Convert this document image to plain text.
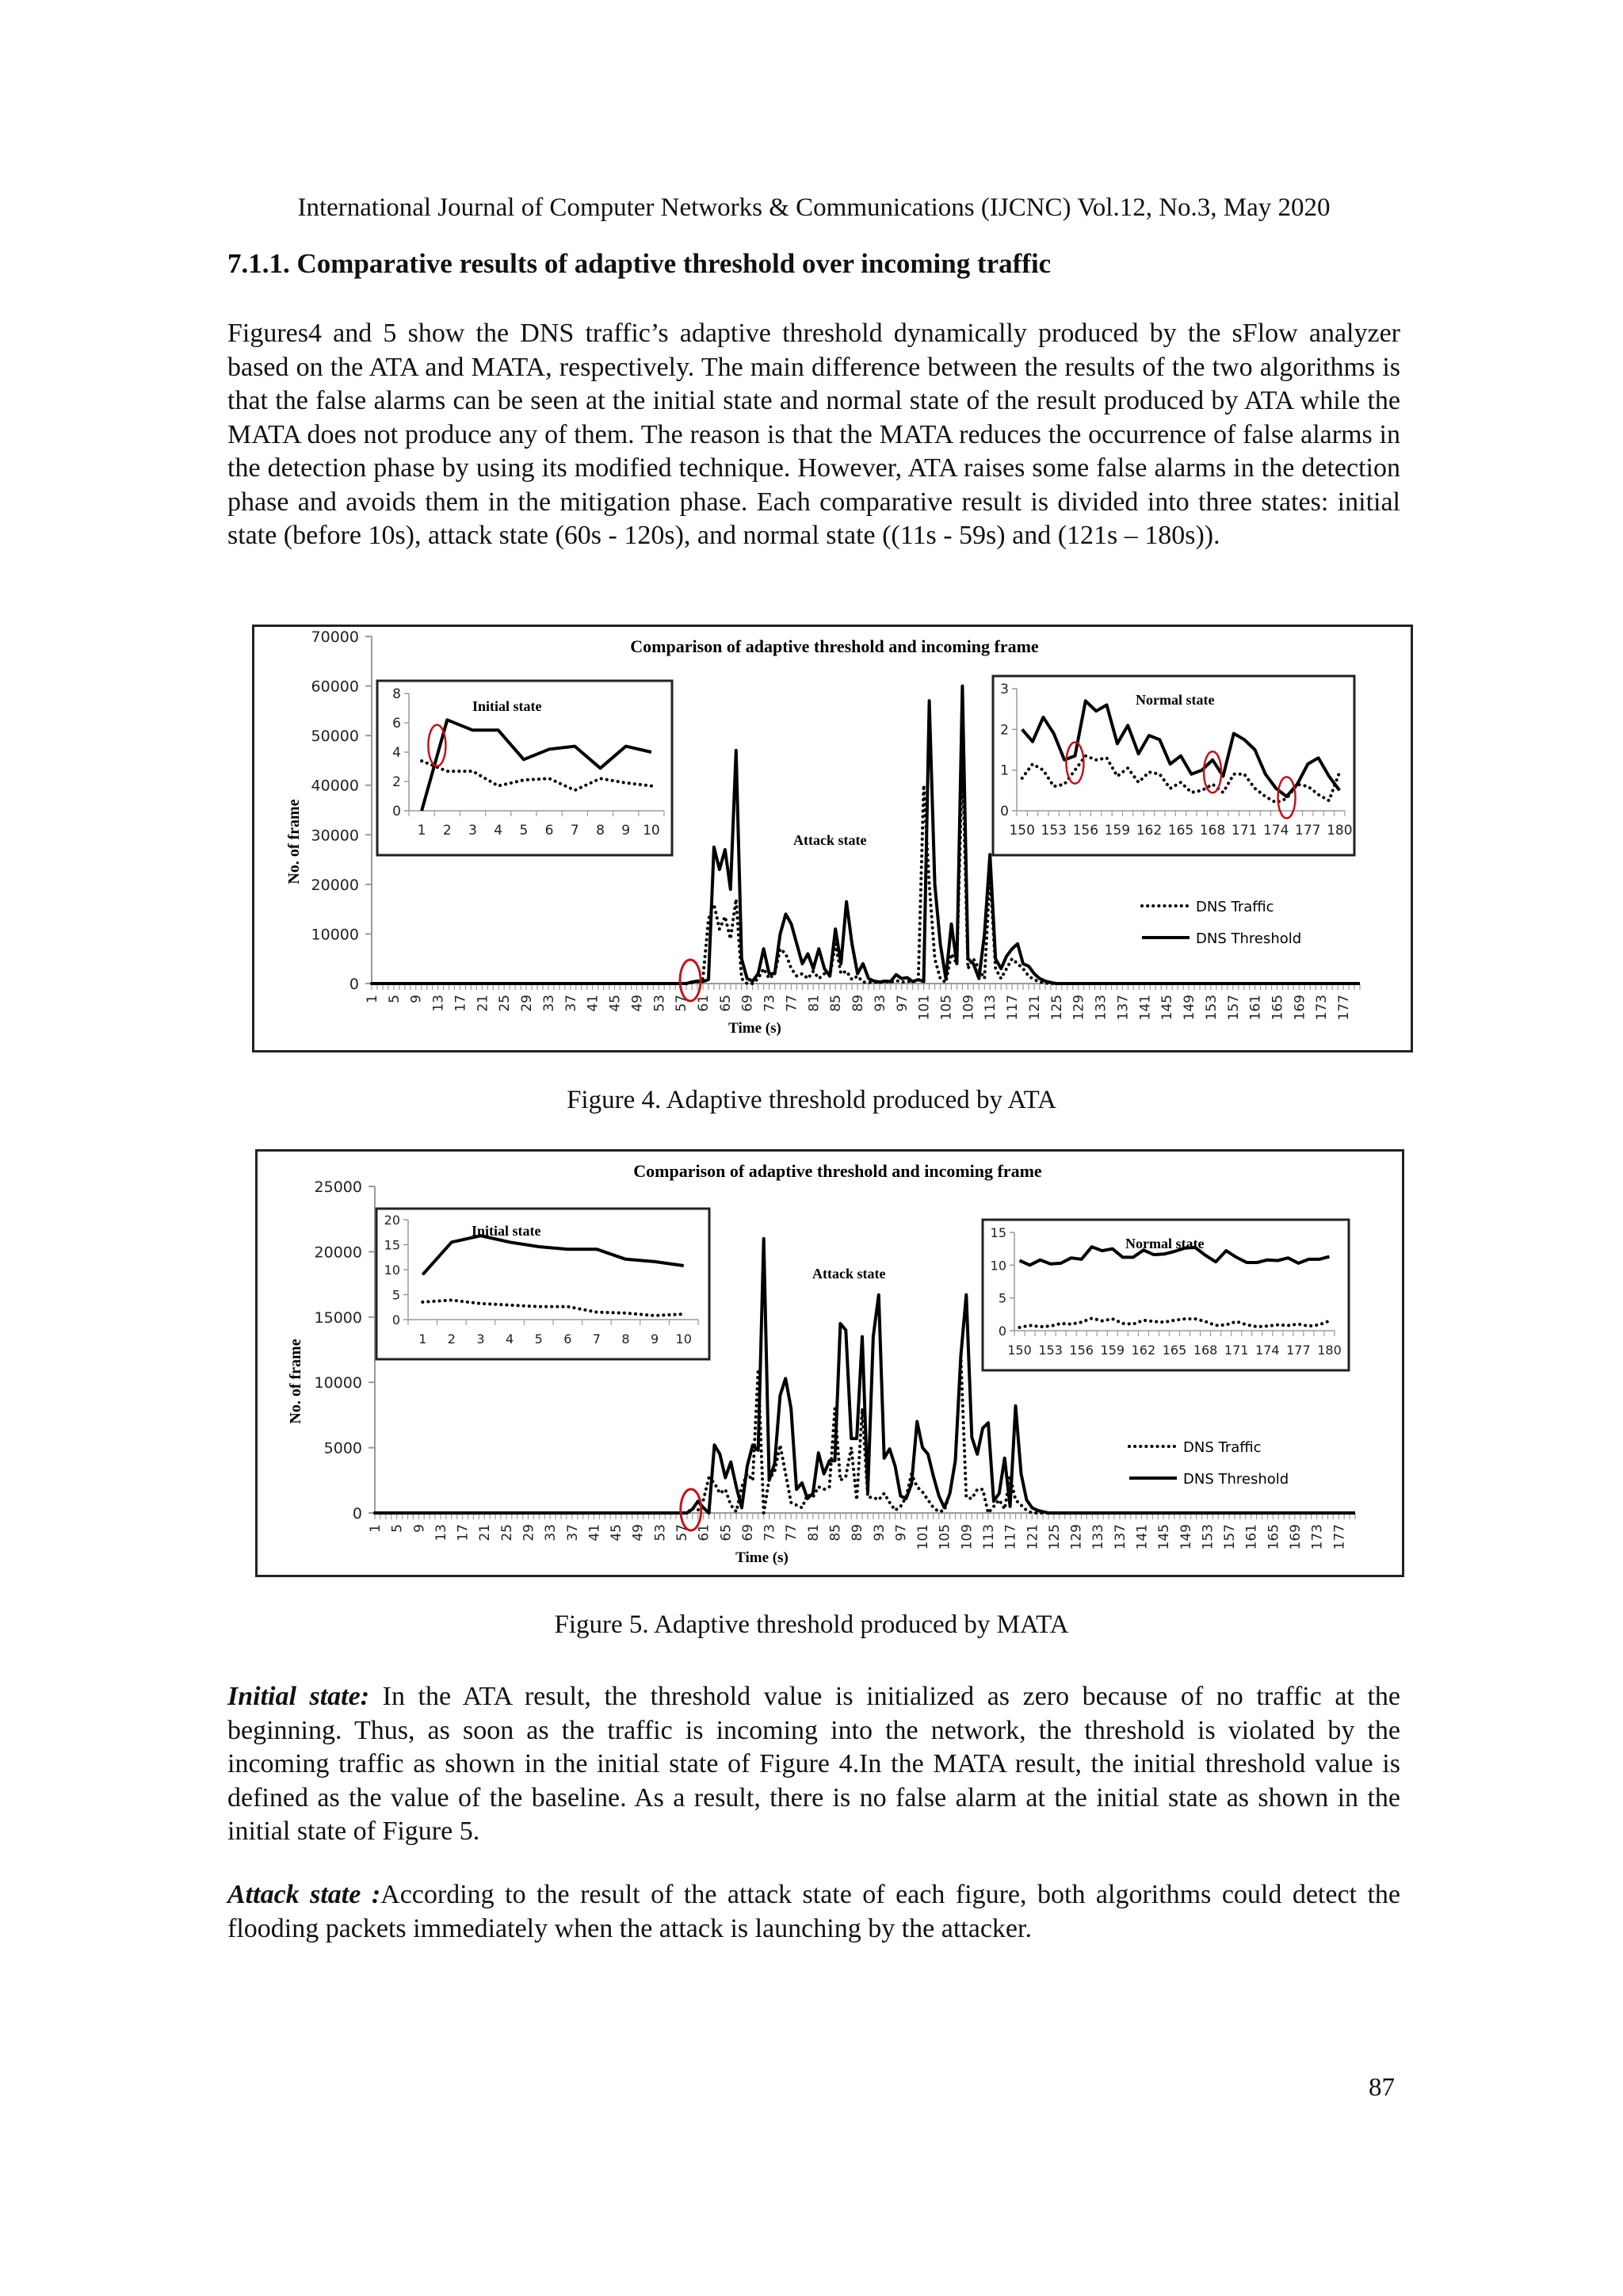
International Journal of Computer Networks & Communications (IJCNC) Vol.12, No.3, May 2020
7.1.1. Comparative results of adaptive threshold over incoming traffic
Figures4 and 5 show the DNS traffic’s adaptive threshold dynamically produced by the sFlow analyzer based on the ATA and MATA, respectively. The main difference between the results of the two algorithms is that the false alarms can be seen at the initial state and normal state of the result produced by ATA while the MATA does not produce any of them. The reason is that the MATA reduces the occurrence of false alarms in the detection phase by using its modified technique. However, ATA raises some false alarms in the detection phase and avoids them in the mitigation phase. Each comparative result is divided into three states: initial state (before 10s), attack state (60s - 120s), and normal state ((11s - 59s) and (121s – 180s)).
Comparison of adaptive threshold and incoming frame
0
10000
20000
30000
40000
50000
60000
70000
1 5 9 13 17 21 25 29 33 37 41 45 49 53 57 61 65 69 73 77 81 85 89 93 97 101 105 109 113 117 121 125 129 133 137 141 145 149 153 157 161 165 169 173 177
No. of frame
Time (s)
Attack state
DNS Traffic
DNS Threshold
0
2
4
6
8
1 2 3 4 5 6 7 8 9 10
Initial state
0
1
2
3
150 153 156 159 162 165 168 171 174 177 180
Normal state
Figure 4. Adaptive threshold produced by ATA
Comparison of adaptive threshold and incoming frame
0
5000
10000
15000
20000
25000
1 5 9 13 17 21 25 29 33 37 41 45 49 53 57 61 65 69 73 77 81 85 89 93 97 101 105 109 113 117 121 125 129 133 137 141 145 149 153 157 161 165 169 173 177
No. of frame
Time (s)
Attack state
DNS Traffic
DNS Threshold
0
5
10
15
20
1 2 3 4 5 6 7 8 9 10
Initial state
0
5
10
15
150 153 156 159 162 165 168 171 174 177 180
Normal state
Figure 5. Adaptive threshold produced by MATA
Initial state: In the ATA result, the threshold value is initialized as zero because of no traffic at the beginning. Thus, as soon as the traffic is incoming into the network, the threshold is violated by the incoming traffic as shown in the initial state of Figure 4.In the MATA result, the initial threshold value is defined as the value of the baseline. As a result, there is no false alarm at the initial state as shown in the initial state of Figure 5.
Attack state :According to the result of the attack state of each figure, both algorithms could detect the flooding packets immediately when the attack is launching by the attacker.
87
